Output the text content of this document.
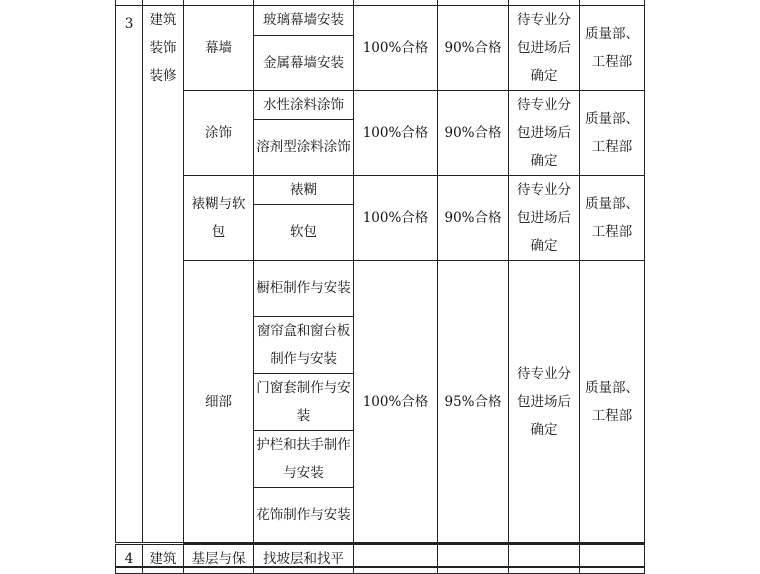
3	建筑装饰装修	幕墙	玻璃幕墙安装	100%合格	90%合格	待专业分包进场后确定	质量部、工程部
			金属幕墙安装				
		涂饰	水性涂料涂饰	100%合格	90%合格	待专业分包进场后确定	质量部、工程部
			溶剂型涂料涂饰				
		裱糊与软包	裱糊	100%合格	90%合格	待专业分包进场后确定	质量部、工程部
			软包				
		细部	橱柜制作与安装	100%合格	95%合格	待专业分包进场后确定	质量部、工程部
			窗帘盒和窗台板制作与安装				
			门窗套制作与安装				
			护栏和扶手制作与安装				
			花饰制作与安装				

4	建筑	基层与保	找坡层和找平				
